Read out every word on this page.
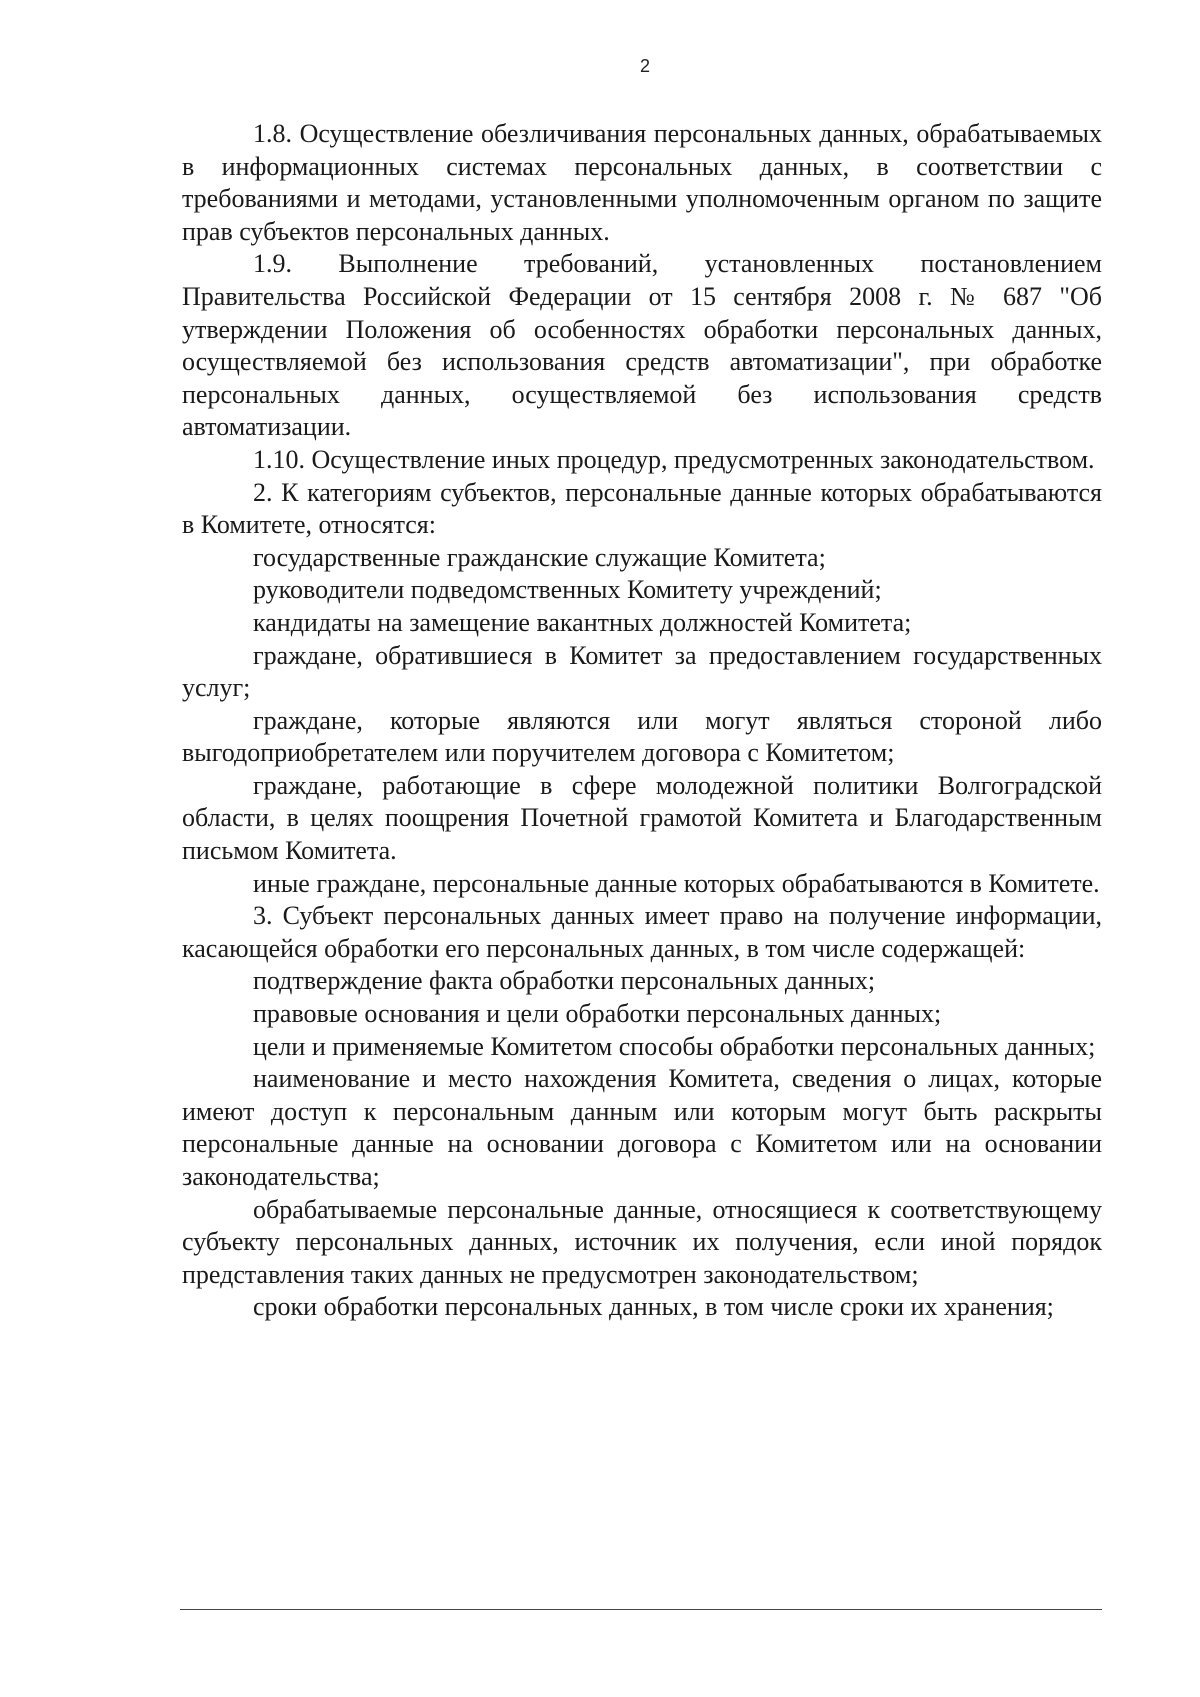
2

1.8. Осуществление обезличивания персональных данных, обрабатываемых в информационных системах персональных данных, в соответствии с требованиями и методами, установленными уполномоченным органом по защите прав субъектов персональных данных.

1.9. Выполнение требований, установленных постановлением Правительства Российской Федерации от 15 сентября 2008 г. № 687 "Об утверждении Положения об особенностях обработки персональных данных, осуществляемой без использования средств автоматизации", при обработке персональных данных, осуществляемой без использования средств автоматизации.

1.10. Осуществление иных процедур, предусмотренных законодательством.

2. К категориям субъектов, персональные данные которых обрабатываются в Комитете, относятся:

государственные гражданские служащие Комитета;

руководители подведомственных Комитету учреждений;

кандидаты на замещение вакантных должностей Комитета;

граждане, обратившиеся в Комитет за предоставлением государственных услуг;

граждане, которые являются или могут являться стороной либо выгодоприобретателем или поручителем договора с Комитетом;

граждане, работающие в сфере молодежной политики Волгоградской области, в целях поощрения Почетной грамотой Комитета и Благодарственным письмом Комитета.

иные граждане, персональные данные которых обрабатываются в Комитете.

3. Субъект персональных данных имеет право на получение информации, касающейся обработки его персональных данных, в том числе содержащей:

подтверждение факта обработки персональных данных;

правовые основания и цели обработки персональных данных;

цели и применяемые Комитетом способы обработки персональных данных;

наименование и место нахождения Комитета, сведения о лицах, которые имеют доступ к персональным данным или которым могут быть раскрыты персональные данные на основании договора с Комитетом или на основании законодательства;

обрабатываемые персональные данные, относящиеся к соответствующему субъекту персональных данных, источник их получения, если иной порядок представления таких данных не предусмотрен законодательством;

сроки обработки персональных данных, в том числе сроки их хранения;
